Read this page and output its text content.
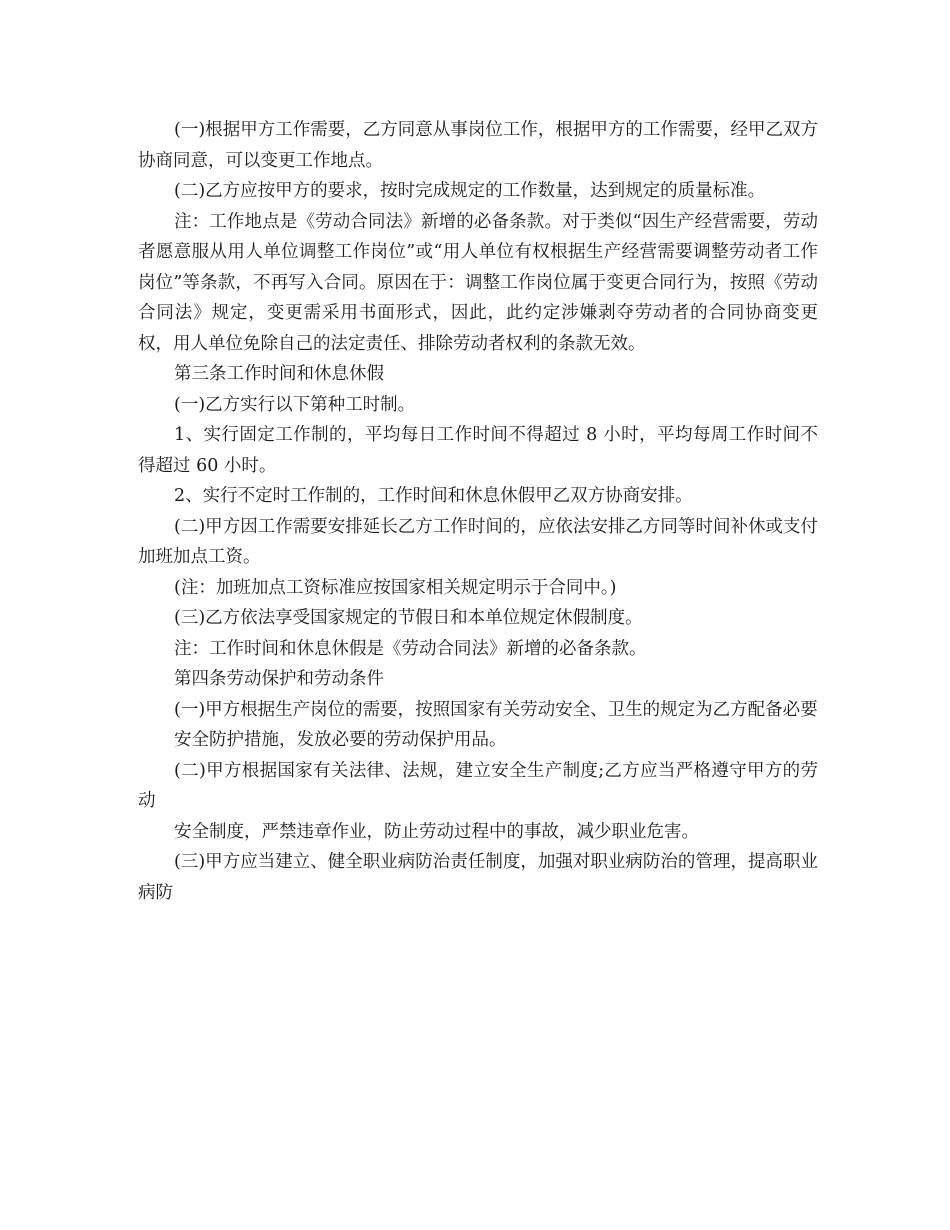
(一)根据甲方工作需要，乙方同意从事岗位工作，根据甲方的工作需要，经甲乙双方协商同意，可以变更工作地点。

(二)乙方应按甲方的要求，按时完成规定的工作数量，达到规定的质量标准。

注：工作地点是《劳动合同法》新增的必备条款。对于类似“因生产经营需要，劳动者愿意服从用人单位调整工作岗位”或“用人单位有权根据生产经营需要调整劳动者工作岗位”等条款，不再写入合同。原因在于：调整工作岗位属于变更合同行为，按照《劳动合同法》规定，变更需采用书面形式，因此，此约定涉嫌剥夺劳动者的合同协商变更权，用人单位免除自己的法定责任、排除劳动者权利的条款无效。

第三条工作时间和休息休假

(一)乙方实行以下第种工时制。

1、实行固定工作制的，平均每日工作时间不得超过 8 小时，平均每周工作时间不得超过 60 小时。

2、实行不定时工作制的，工作时间和休息休假甲乙双方协商安排。

(二)甲方因工作需要安排延长乙方工作时间的，应依法安排乙方同等时间补休或支付加班加点工资。

(注：加班加点工资标准应按国家相关规定明示于合同中。)

(三)乙方依法享受国家规定的节假日和本单位规定休假制度。

注：工作时间和休息休假是《劳动合同法》新增的必备条款。

第四条劳动保护和劳动条件

(一)甲方根据生产岗位的需要，按照国家有关劳动安全、卫生的规定为乙方配备必要

安全防护措施，发放必要的劳动保护用品。

(二)甲方根据国家有关法律、法规，建立安全生产制度;乙方应当严格遵守甲方的劳动

安全制度，严禁违章作业，防止劳动过程中的事故，减少职业危害。

(三)甲方应当建立、健全职业病防治责任制度，加强对职业病防治的管理，提高职业病防
